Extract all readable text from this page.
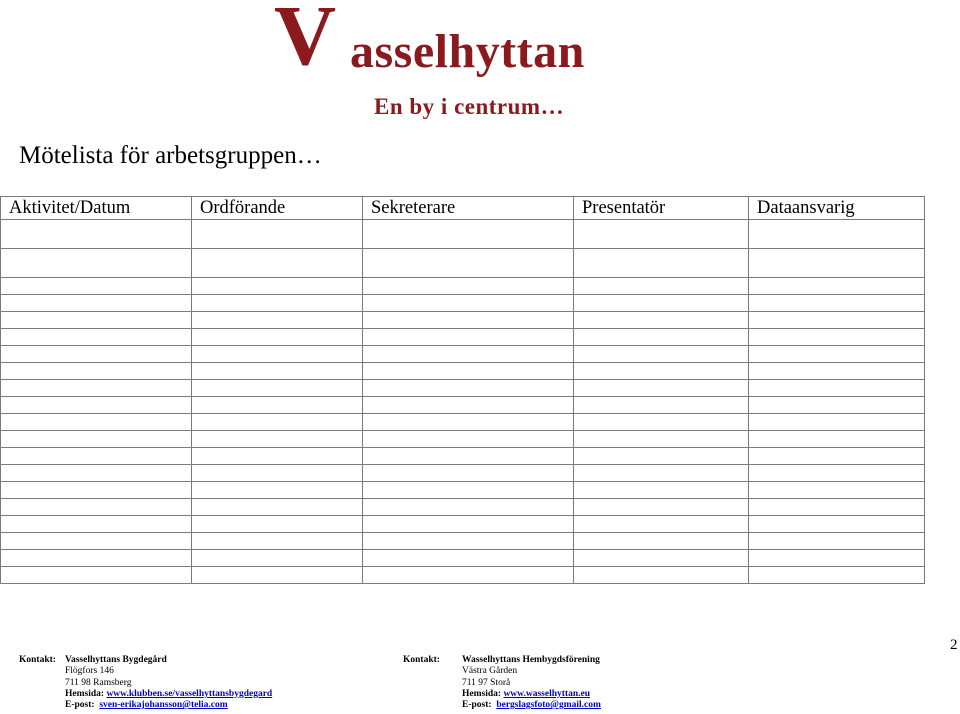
V asselhyttan
En by i centrum…
Mötelista för arbetsgruppen…
Aktivitet/Datum	Ordförande	Sekreterare	Presentatör	Dataansvarig

2
Kontakt: Vasselhyttans Bygdegård
Flögfors 146
711 98 Ramsberg
Hemsida: www.klubben.se/vasselhyttansbygdegard
E-post: sven-erikajohansson@telia.com
Kontakt: Wasselhyttans Hembygdsförening
Västra Gården
711 97 Storå
Hemsida: www.wasselhyttan.eu
E-post: bergslagsfoto@gmail.com
